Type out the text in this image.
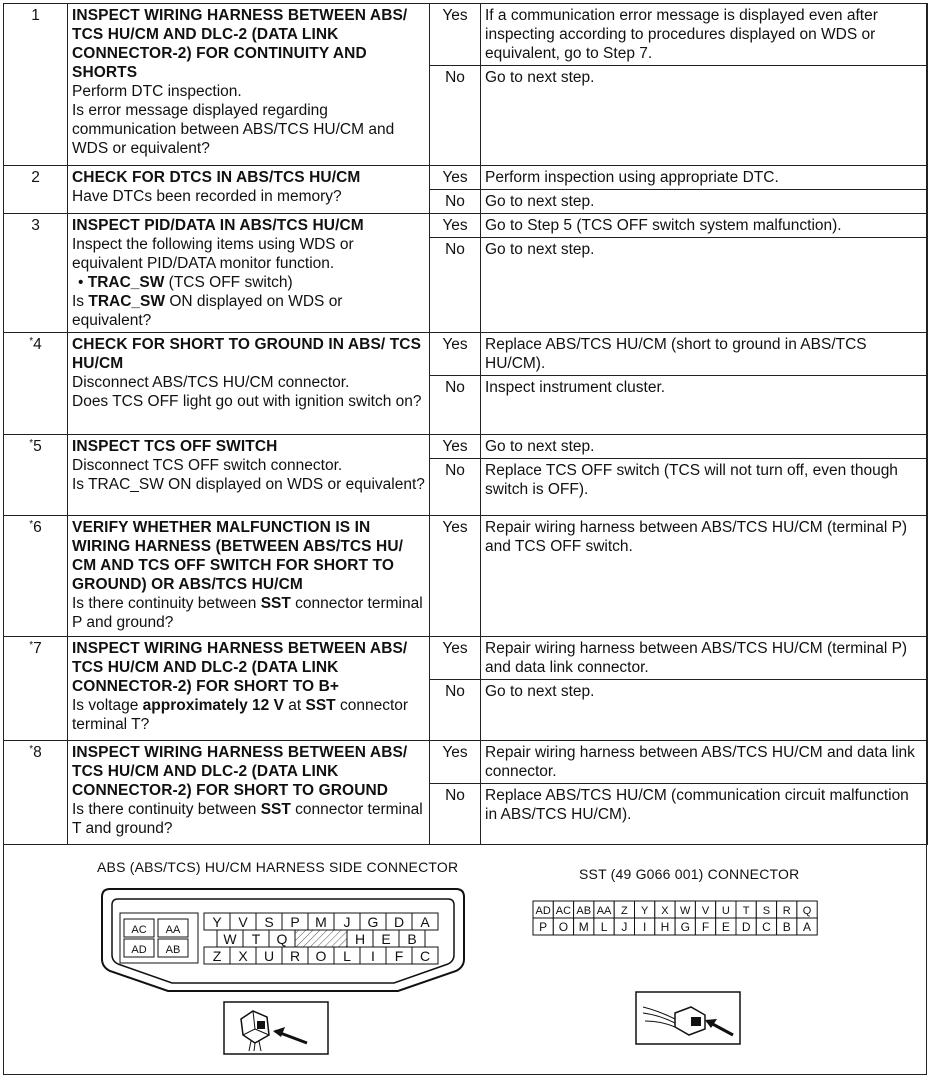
1	INSPECT WIRING HARNESS BETWEEN ABS/ TCS HU/CM AND DLC-2 (DATA LINK CONNECTOR-2) FOR CONTINUITY AND SHORTS
Perform DTC inspection.
Is error message displayed regarding communication between ABS/TCS HU/CM and WDS or equivalent?	Yes	If a communication error message is displayed even after inspecting according to procedures displayed on WDS or equivalent, go to Step 7.
		No	Go to next step.
2	CHECK FOR DTCS IN ABS/TCS HU/CM
Have DTCs been recorded in memory?	Yes	Perform inspection using appropriate DTC.
		No	Go to next step.
3	INSPECT PID/DATA IN ABS/TCS HU/CM
Inspect the following items using WDS or equivalent PID/DATA monitor function.
• TRAC_SW (TCS OFF switch)
Is TRAC_SW ON displayed on WDS or equivalent?	Yes	Go to Step 5 (TCS OFF switch system malfunction).
		No	Go to next step.
*4	CHECK FOR SHORT TO GROUND IN ABS/ TCS HU/CM
Disconnect ABS/TCS HU/CM connector.
Does TCS OFF light go out with ignition switch on?	Yes	Replace ABS/TCS HU/CM (short to ground in ABS/TCS HU/CM).
		No	Inspect instrument cluster.
*5	INSPECT TCS OFF SWITCH
Disconnect TCS OFF switch connector.
Is TRAC_SW ON displayed on WDS or equivalent?	Yes	Go to next step.
		No	Replace TCS OFF switch (TCS will not turn off, even though switch is OFF).
*6	VERIFY WHETHER MALFUNCTION IS IN WIRING HARNESS (BETWEEN ABS/TCS HU/ CM AND TCS OFF SWITCH FOR SHORT TO GROUND) OR ABS/TCS HU/CM
Is there continuity between SST connector terminal P and ground?	Yes	Repair wiring harness between ABS/TCS HU/CM (terminal P) and TCS OFF switch.
*7	INSPECT WIRING HARNESS BETWEEN ABS/ TCS HU/CM AND DLC-2 (DATA LINK CONNECTOR-2) FOR SHORT TO B+
Is voltage approximately 12 V at SST connector terminal T?	Yes	Repair wiring harness between ABS/TCS HU/CM (terminal P) and data link connector.
		No	Go to next step.
*8	INSPECT WIRING HARNESS BETWEEN ABS/ TCS HU/CM AND DLC-2 (DATA LINK CONNECTOR-2) FOR SHORT TO GROUND
Is there continuity between SST connector terminal T and ground?	Yes	Repair wiring harness between ABS/TCS HU/CM and data link connector.
		No	Replace ABS/TCS HU/CM (communication circuit malfunction in ABS/TCS HU/CM).
ABS (ABS/TCS) HU/CM HARNESS SIDE CONNECTOR	SST (49 G066 001) CONNECTOR
AC AA
AD AB
Y V S P M J G D A
W T Q	H E B
Z X U R O L I F C
AD AC AB AA Z Y X W V U T S R Q
P O M L J I H G F E D C B A
